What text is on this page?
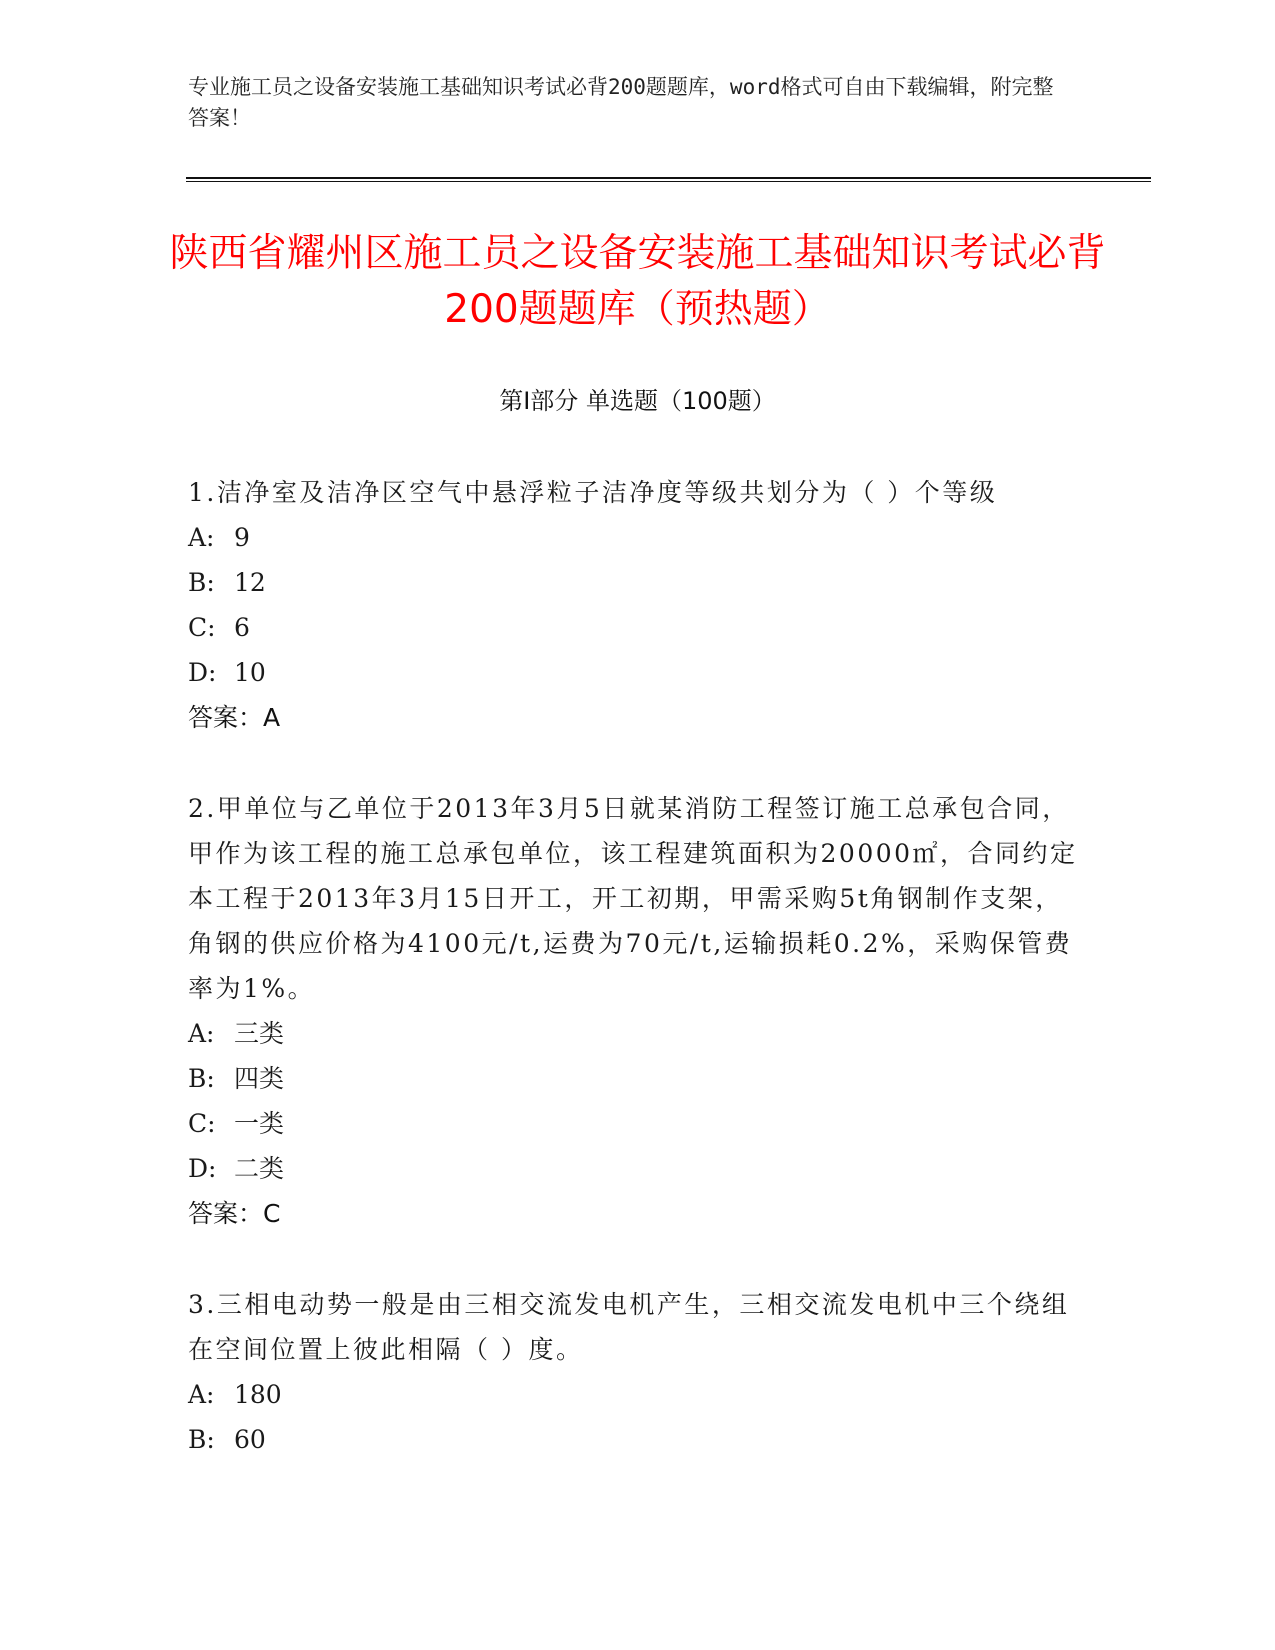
专业施工员之设备安装施工基础知识考试必背200题题库，word格式可自由下载编辑，附完整答案！
陕西省耀州区施工员之设备安装施工基础知识考试必背200题题库（预热题）
第Ⅰ部分 单选题（100题）

1.洁净室及洁净区空气中悬浮粒子洁净度等级共划分为（ ）个等级

A: 9
B: 12
C: 6
D: 10
答案：A

2.甲单位与乙单位于2013年3月5日就某消防工程签订施工总承包合同，甲作为该工程的施工总承包单位，该工程建筑面积为20000㎡，合同约定本工程于2013年3月15日开工，开工初期，甲需采购5t角钢制作支架，角钢的供应价格为4100元/t,运费为70元/t,运输损耗0.2%，采购保管费率为1%。

A: 三类
B: 四类
C: 一类
D: 二类
答案：C

3.三相电动势一般是由三相交流发电机产生，三相交流发电机中三个绕组在空间位置上彼此相隔（ ）度。

A: 180
B: 60
